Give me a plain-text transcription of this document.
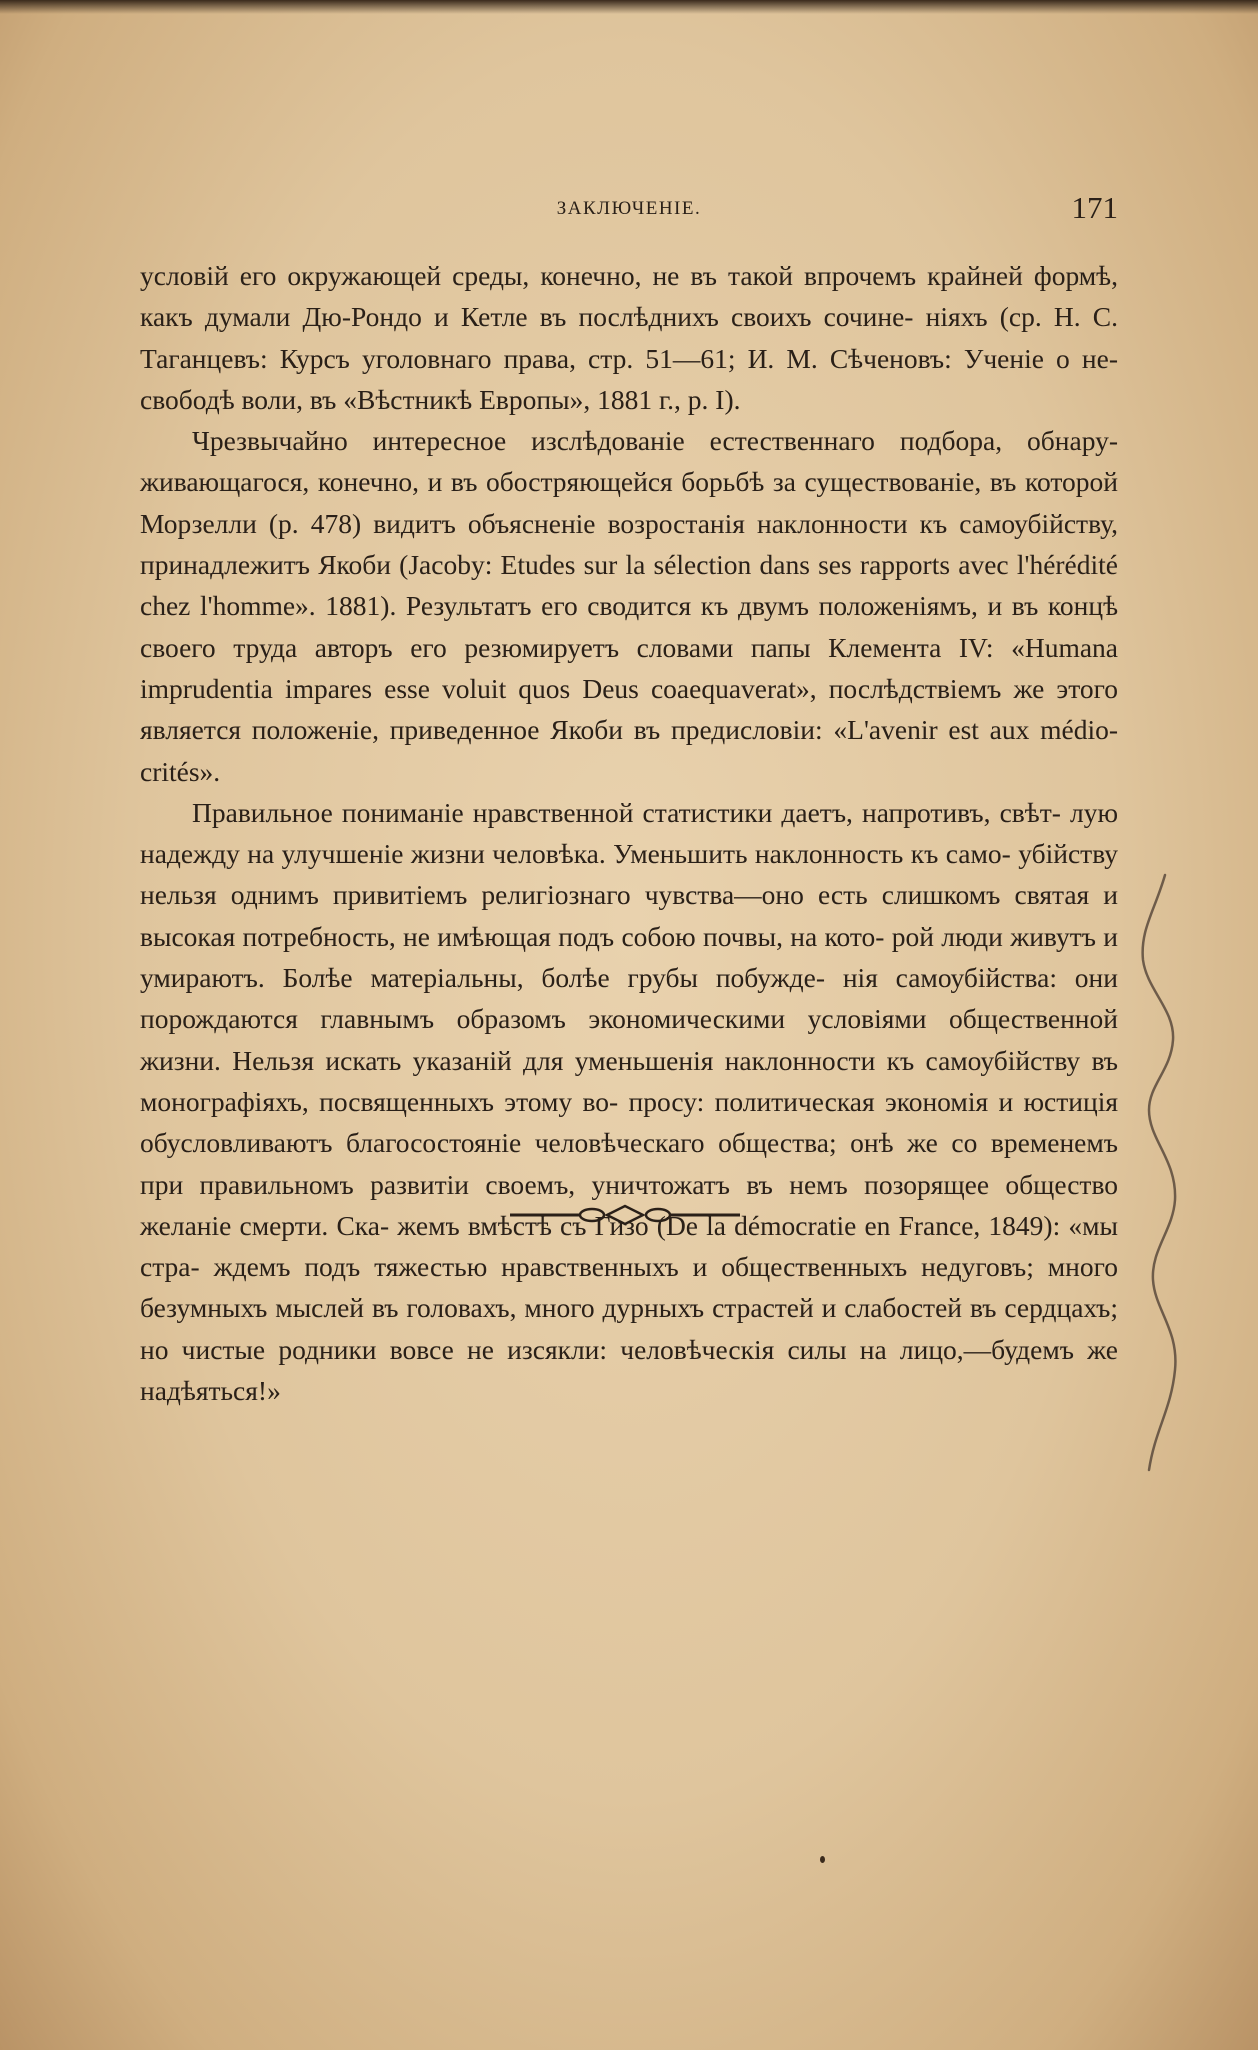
ЗАКЛЮЧЕНІЕ.	171

условій его окружающей среды, конечно, не въ такой впрочемъ крайней формѣ, какъ думали Дю-Рондо и Кетле въ послѣднихъ своихъ сочине- ніяхъ (ср. Н. С. Таганцевъ: Курсъ уголовнаго права, стр. 51—61; И. М. Сѣченовъ: Ученіе о не-свободѣ воли, въ «Вѣстникѣ Европы», 1881 г., р. I).

Чрезвычайно интересное изслѣдованіе естественнаго подбора, обнару- живающагося, конечно, и въ обостряющейся борьбѣ за существованіе, въ которой Морзелли (р. 478) видитъ объясненіе возростанія наклонности къ самоубійству, принадлежитъ Якоби (Jacoby: Etudes sur la sélection dans ses rapports avec l'hérédité chez l'homme». 1881). Результатъ его сводится къ двумъ положеніямъ, и въ концѣ своего труда авторъ его резюмируетъ словами папы Клемента IV: «Humana imprudentia impares esse voluit quos Deus coaequaverat», послѣдствіемъ же этого является положеніе, приведенное Якоби въ предисловіи: «L'avenir est aux médio- crités».

Правильное пониманіе нравственной статистики даетъ, напротивъ, свѣт- лую надежду на улучшеніе жизни человѣка. Уменьшить наклонность къ само- убійству нельзя однимъ привитіемъ религіознаго чувства—оно есть слишкомъ святая и высокая потребность, не имѣющая подъ собою почвы, на кото- рой люди живутъ и умираютъ. Болѣе матеріальны, болѣе грубы побужде- нія самоубійства: они порождаются главнымъ образомъ экономическими условіями общественной жизни. Нельзя искать указаній для уменьшенія наклонности къ самоубійству въ монографіяхъ, посвященныхъ этому во- просу: политическая экономія и юстиція обусловливаютъ благосостояніе человѣческаго общества; онѣ же со временемъ при правильномъ развитіи своемъ, уничтожатъ въ немъ позорящее общество желаніе смерти. Ска- жемъ вмѣстѣ съ Гизо (De la démocratie en France, 1849): «мы стра- ждемъ подъ тяжестью нравственныхъ и общественныхъ недуговъ; много безумныхъ мыслей въ головахъ, много дурныхъ страстей и слабостей въ сердцахъ; но чистые родники вовсе не изсякли: человѣческія силы на лицо,—будемъ же надѣяться!»
